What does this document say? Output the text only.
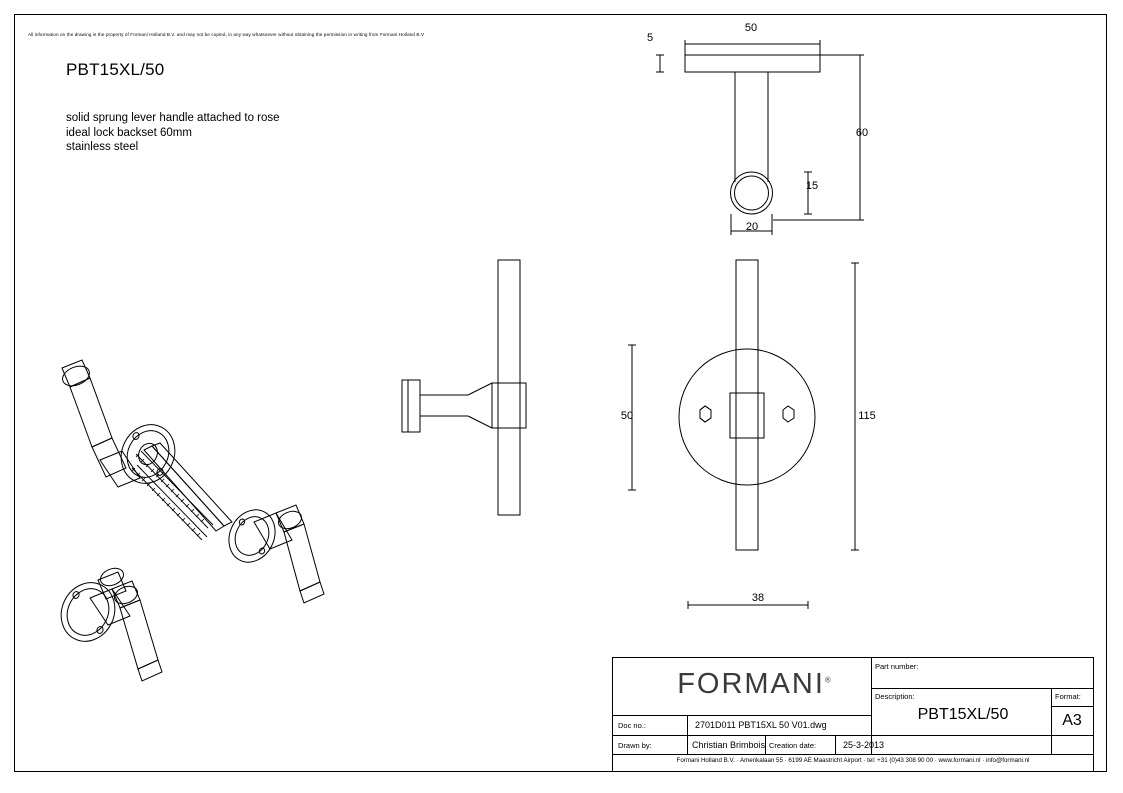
All information on the drawing is the property of Formani Holland B.V. and may not be copied, in any way whatsoever without obtaining the permission in writing from Formani Holland B.V
PBT15XL/50
solid sprung lever handle attached to rose
ideal lock backset 60mm
stainless steel
50
5
60
15
20
50	115
38
Part number:
Description:
PBT15XL/50
Format:
A3
Doc no.:	2701D011 PBT15XL 50 V01.dwg
Drawn by:	Christian Brimbois Creation date:	25-3-2013
FORMANI®
Formani Holland B.V. · Amerikalaan 55 · 6199 AE Maastricht Airport · tel: +31 (0)43 308 90 00 · www.formani.nl · info@formani.nl
